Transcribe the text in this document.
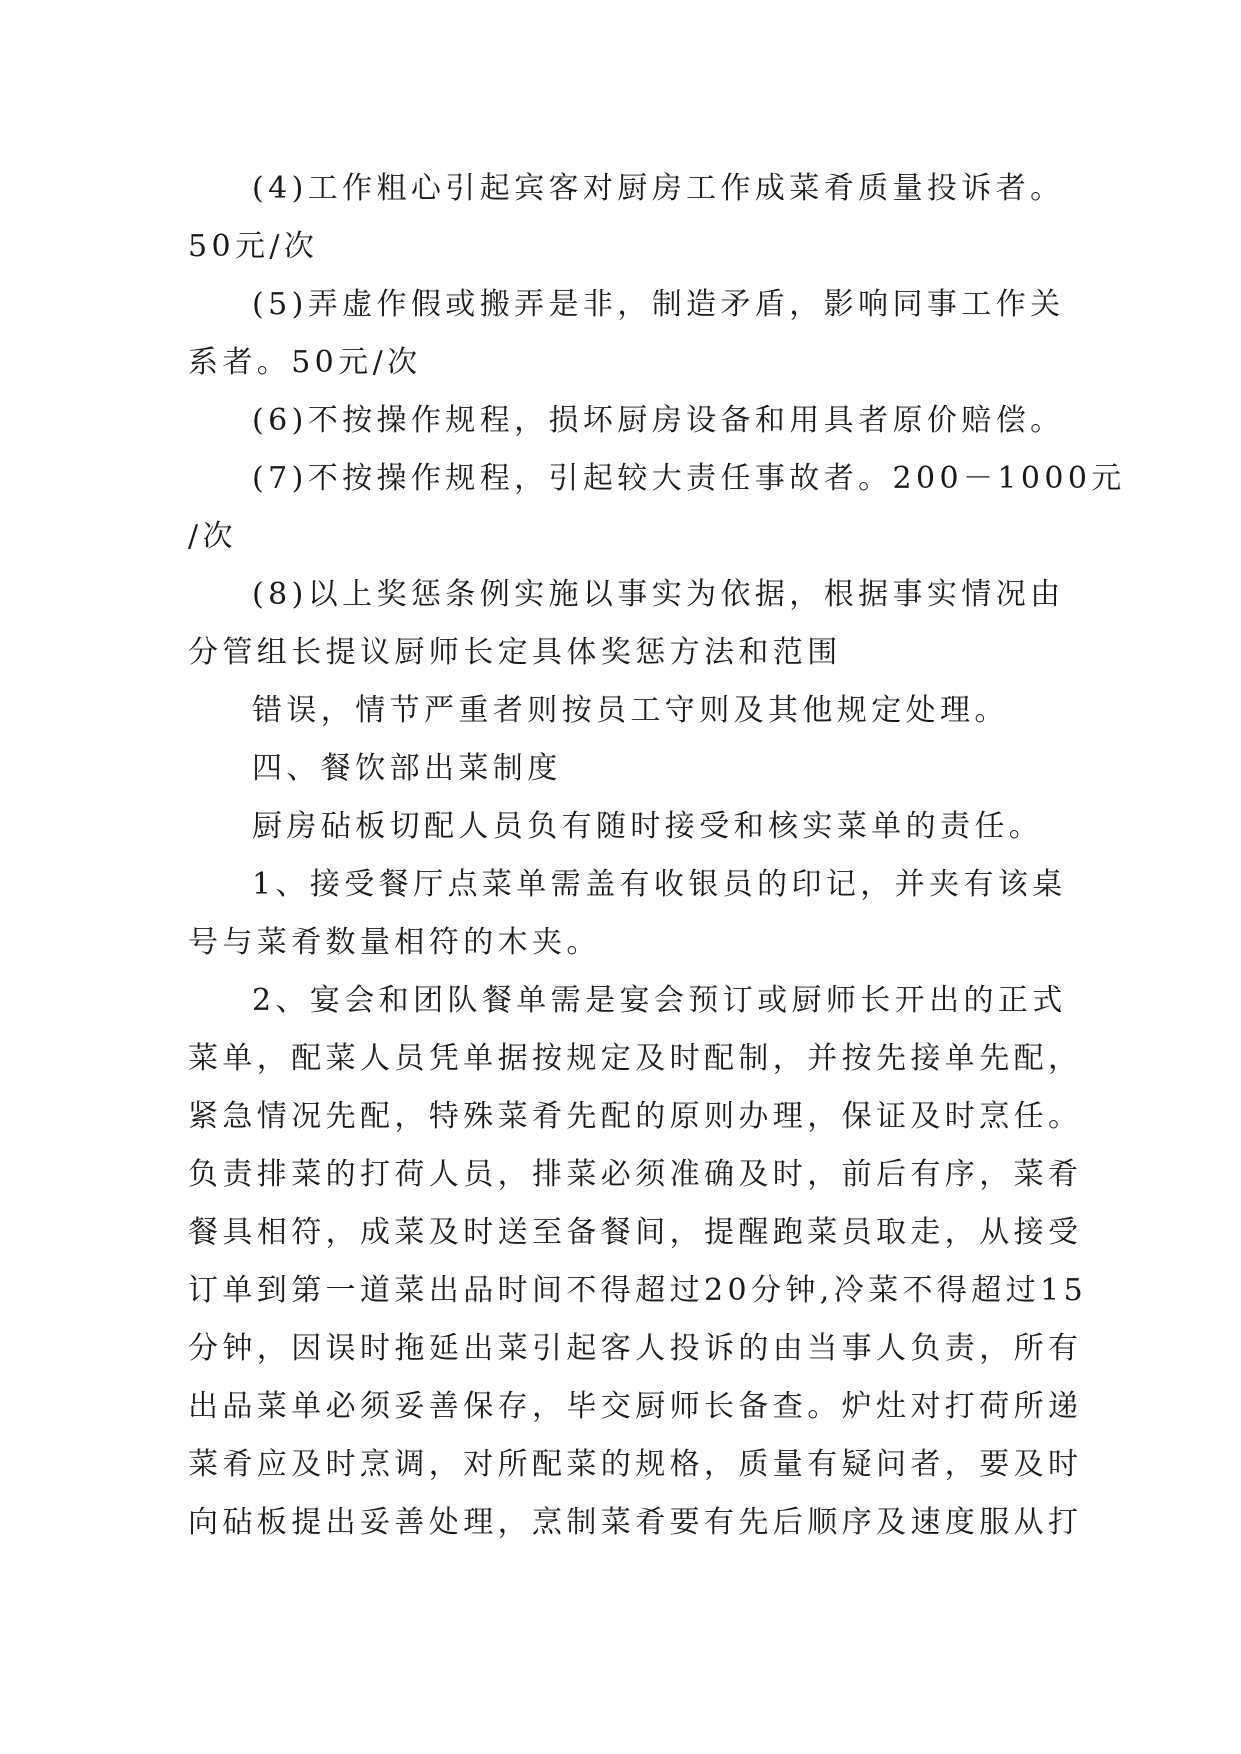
(4)工作粗心引起宾客对厨房工作成菜肴质量投诉者。
50元/次
(5)弄虚作假或搬弄是非，制造矛盾，影响同事工作关
系者。50元/次
(6)不按操作规程，损坏厨房设备和用具者原价赔偿。
(7)不按操作规程，引起较大责任事故者。200－1000元
/次
(8)以上奖惩条例实施以事实为依据，根据事实情况由
分管组长提议厨师长定具体奖惩方法和范围
错误，情节严重者则按员工守则及其他规定处理。
四、餐饮部出菜制度
厨房砧板切配人员负有随时接受和核实菜单的责任。
1、接受餐厅点菜单需盖有收银员的印记，并夹有该桌
号与菜肴数量相符的木夹。
2、宴会和团队餐单需是宴会预订或厨师长开出的正式
菜单，配菜人员凭单据按规定及时配制，并按先接单先配，
紧急情况先配，特殊菜肴先配的原则办理，保证及时烹任。
负责排菜的打荷人员，排菜必须准确及时，前后有序，菜肴
餐具相符，成菜及时送至备餐间，提醒跑菜员取走，从接受
订单到第一道菜出品时间不得超过20分钟,冷菜不得超过15
分钟，因误时拖延出菜引起客人投诉的由当事人负责，所有
出品菜单必须妥善保存，毕交厨师长备查。炉灶对打荷所递
菜肴应及时烹调，对所配菜的规格，质量有疑问者，要及时
向砧板提出妥善处理，烹制菜肴要有先后顺序及速度服从打
